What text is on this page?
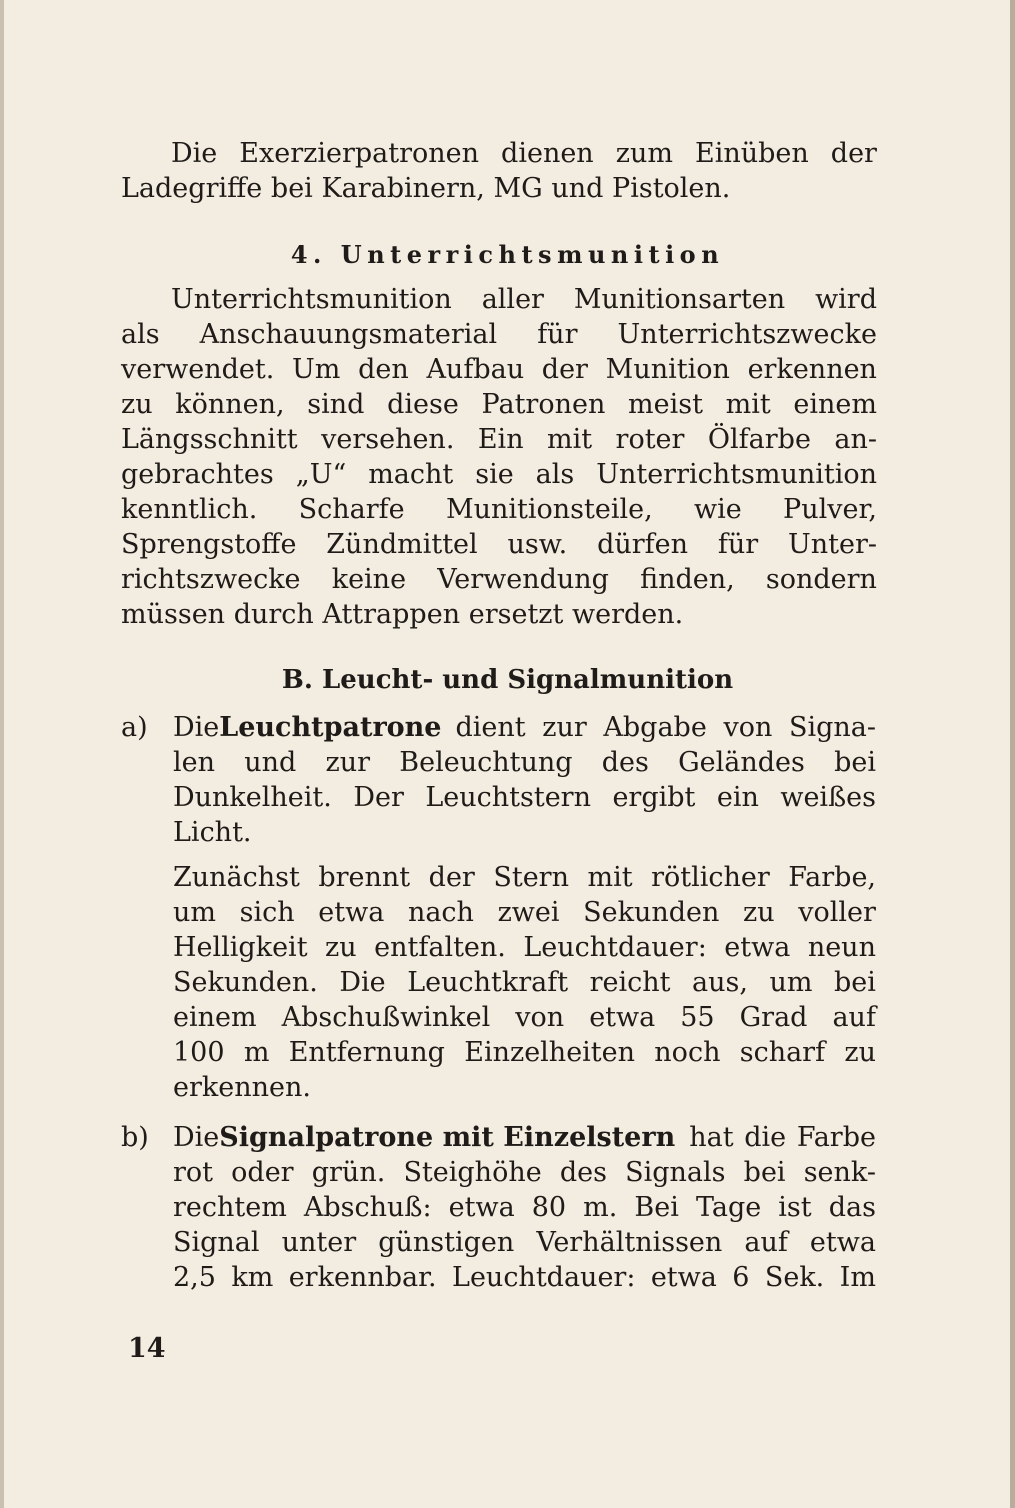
Die Exerzierpatronen dienen zum Einüben der
Ladegriffe bei Karabinern, MG und Pistolen.
4. Unterrichtsmunition
Unterrichtsmunition aller Munitionsarten wird
als Anschauungsmaterial für Unterrichtszwecke
verwendet. Um den Aufbau der Munition erkennen
zu können, sind diese Patronen meist mit einem
Längsschnitt versehen. Ein mit roter Ölfarbe an-
gebrachtes „U“ macht sie als Unterrichtsmunition
kenntlich. Scharfe Munitionsteile, wie Pulver,
Sprengstoffe Zündmittel usw. dürfen für Unter-
richtszwecke keine Verwendung finden, sondern
müssen durch Attrappen ersetzt werden.
B. Leucht- und Signalmunition
a) Die Leuchtpatrone dient zur Abgabe von Signa-
len und zur Beleuchtung des Geländes bei
Dunkelheit. Der Leuchtstern ergibt ein weißes
Licht.
Zunächst brennt der Stern mit rötlicher Farbe,
um sich etwa nach zwei Sekunden zu voller
Helligkeit zu entfalten. Leuchtdauer: etwa neun
Sekunden. Die Leuchtkraft reicht aus, um bei
einem Abschußwinkel von etwa 55 Grad auf
100 m Entfernung Einzelheiten noch scharf zu
erkennen.
b) Die Signalpatrone mit Einzelstern hat die Farbe
rot oder grün. Steighöhe des Signals bei senk-
rechtem Abschuß: etwa 80 m. Bei Tage ist das
Signal unter günstigen Verhältnissen auf etwa
2,5 km erkennbar. Leuchtdauer: etwa 6 Sek. Im
14
